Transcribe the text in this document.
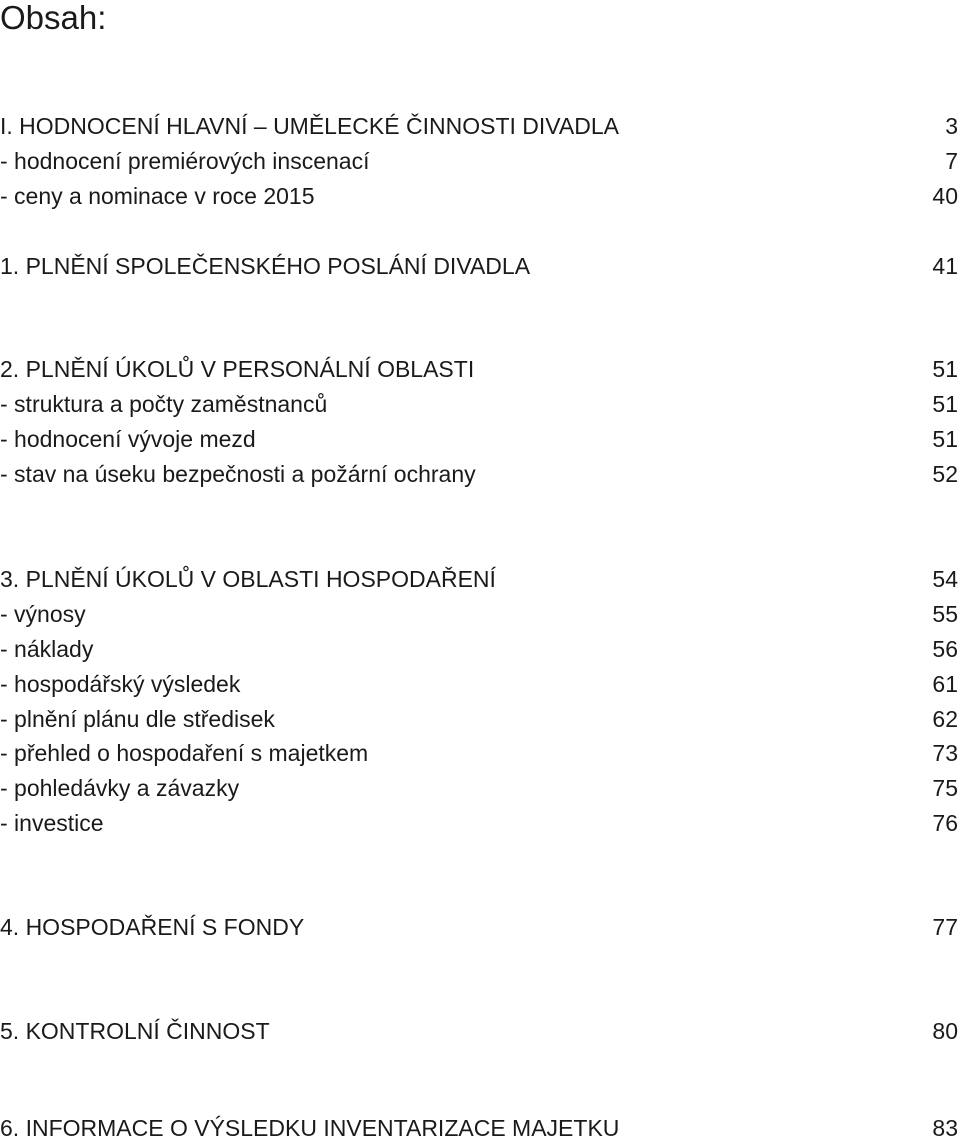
Obsah:
I. HODNOCENÍ HLAVNÍ – UMĚLECKÉ ČINNOSTI DIVADLA	3
- hodnocení premiérových inscenací	7
- ceny a nominace v roce 2015	40
1. PLNĚNÍ SPOLEČENSKÉHO POSLÁNÍ DIVADLA	41
2. PLNĚNÍ ÚKOLŮ V PERSONÁLNÍ OBLASTI	51
- struktura a počty zaměstnanců	51
- hodnocení vývoje mezd	51
- stav na úseku bezpečnosti a požární ochrany	52
3. PLNĚNÍ ÚKOLŮ V OBLASTI HOSPODAŘENÍ	54
- výnosy	55
- náklady	56
- hospodářský výsledek	61
- plnění plánu dle středisek	62
- přehled o hospodaření s majetkem	73
- pohledávky a závazky	75
- investice	76
4. HOSPODAŘENÍ S FONDY	77
5. KONTROLNÍ ČINNOST	80
6. INFORMACE O VÝSLEDKU INVENTARIZACE MAJETKU	83
